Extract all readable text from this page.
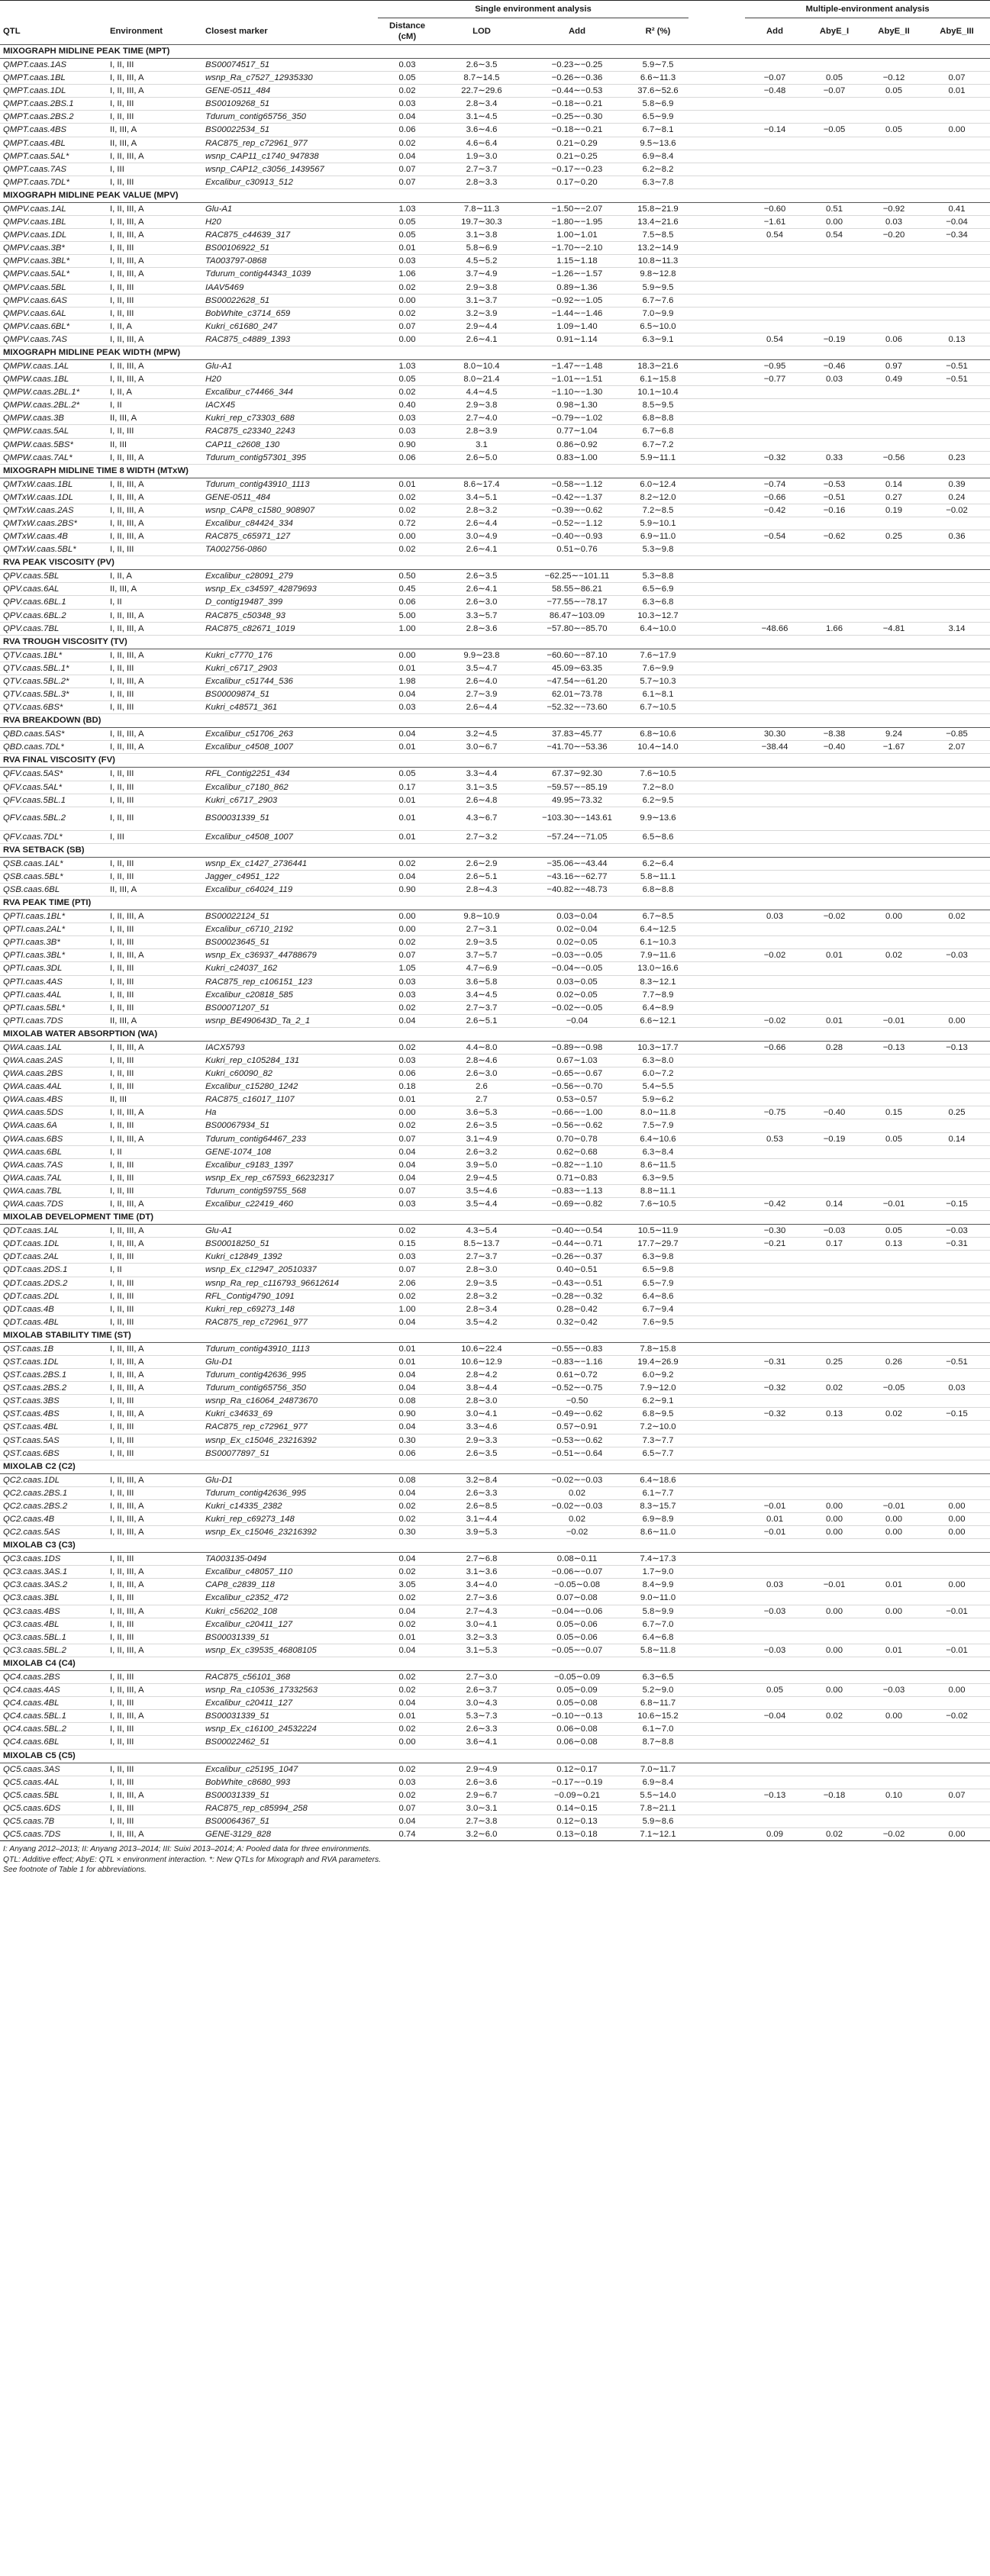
			Single environment analysis					Multiple-environment analysis			
QTL	Environment	Closest marker	Distance (cM)	LOD	Add	R² (%)		Add	AbyE_I	AbyE_II	AbyE_III
MIXOGRAPH MIDLINE PEAK TIME (MPT)											
QMPT.caas.1AS	I, II, III	BS00074517_51	0.03	2.6∼3.5	−0.23∼−0.25	5.9∼7.5					
QMPT.caas.1BL	I, II, III, A	wsnp_Ra_c7527_12935330	0.05	8.7∼14.5	−0.26∼−0.36	6.6∼11.3		−0.07	0.05	−0.12	0.07
QMPT.caas.1DL	I, II, III, A	GENE-0511_484	0.02	22.7∼29.6	−0.44∼−0.53	37.6∼52.6		−0.48	−0.07	0.05	0.01
QMPT.caas.2BS.1	I, II, III	BS00109268_51	0.03	2.8∼3.4	−0.18∼−0.21	5.8∼6.9					
QMPT.caas.2BS.2	I, II, III	Tdurum_contig65756_350	0.04	3.1∼4.5	−0.25∼−0.30	6.5∼9.9					
QMPT.caas.4BS	II, III, A	BS00022534_51	0.06	3.6∼4.6	−0.18∼−0.21	6.7∼8.1		−0.14	−0.05	0.05	0.00
QMPT.caas.4BL	II, III, A	RAC875_rep_c72961_977	0.02	4.6∼6.4	0.21∼0.29	9.5∼13.6					
QMPT.caas.5AL*	I, II, III, A	wsnp_CAP11_c1740_947838	0.04	1.9∼3.0	0.21∼0.25	6.9∼8.4					
QMPT.caas.7AS	I, III	wsnp_CAP12_c3056_1439567	0.07	2.7∼3.7	−0.17∼−0.23	6.2∼8.2					
QMPT.caas.7DL*	I, II, III	Excalibur_c30913_512	0.07	2.8∼3.3	0.17∼0.20	6.3∼7.8					
MIXOGRAPH MIDLINE PEAK VALUE (MPV)											
QMPV.caas.1AL	I, II, III, A	Glu-A1	1.03	7.8∼11.3	−1.50∼−2.07	15.8∼21.9		−0.60	0.51	−0.92	0.41
QMPV.caas.1BL	I, II, III, A	H20	0.05	19.7∼30.3	−1.80∼−1.95	13.4∼21.6		−1.61	0.00	0.03	−0.04
QMPV.caas.1DL	I, II, III, A	RAC875_c44639_317	0.05	3.1∼3.8	1.00∼1.01	7.5∼8.5		0.54	0.54	−0.20	−0.34
QMPV.caas.3B*	I, II, III	BS00106922_51	0.01	5.8∼6.9	−1.70∼−2.10	13.2∼14.9					
QMPV.caas.3BL*	I, II, III, A	TA003797-0868	0.03	4.5∼5.2	1.15∼1.18	10.8∼11.3					
QMPV.caas.5AL*	I, II, III, A	Tdurum_contig44343_1039	1.06	3.7∼4.9	−1.26∼−1.57	9.8∼12.8					
QMPV.caas.5BL	I, II, III	IAAV5469	0.02	2.9∼3.8	0.89∼1.36	5.9∼9.5					
QMPV.caas.6AS	I, II, III	BS00022628_51	0.00	3.1∼3.7	−0.92∼−1.05	6.7∼7.6					
QMPV.caas.6AL	I, II, III	BobWhite_c3714_659	0.02	3.2∼3.9	−1.44∼−1.46	7.0∼9.9					
QMPV.caas.6BL*	I, II, A	Kukri_c61680_247	0.07	2.9∼4.4	1.09∼1.40	6.5∼10.0					
QMPV.caas.7AS	I, II, III, A	RAC875_c4889_1393	0.00	2.6∼4.1	0.91∼1.14	6.3∼9.1		0.54	−0.19	0.06	0.13
MIXOGRAPH MIDLINE PEAK WIDTH (MPW)											
QMPW.caas.1AL	I, II, III, A	Glu-A1	1.03	8.0∼10.4	−1.47∼−1.48	18.3∼21.6		−0.95	−0.46	0.97	−0.51
QMPW.caas.1BL	I, II, III, A	H20	0.05	8.0∼21.4	−1.01∼−1.51	6.1∼15.8		−0.77	0.03	0.49	−0.51
QMPW.caas.2BL.1*	I, II, A	Excalibur_c74466_344	0.02	4.4∼4.5	−1.10∼−1.30	10.1∼10.4					
QMPW.caas.2BL.2*	I, II	IACX45	0.40	2.9∼3.8	0.98∼1.30	8.5∼9.5					
QMPW.caas.3B	II, III, A	Kukri_rep_c73303_688	0.03	2.7∼4.0	−0.79∼−1.02	6.8∼8.8					
QMPW.caas.5AL	I, II, III	RAC875_c23340_2243	0.03	2.8∼3.9	0.77∼1.04	6.7∼6.8					
QMPW.caas.5BS*	II, III	CAP11_c2608_130	0.90	3.1	0.86∼0.92	6.7∼7.2					
QMPW.caas.7AL*	I, II, III, A	Tdurum_contig57301_395	0.06	2.6∼5.0	0.83∼1.00	5.9∼11.1		−0.32	0.33	−0.56	0.23
MIXOGRAPH MIDLINE TIME 8 WIDTH (MTxW)											
QMTxW.caas.1BL	I, II, III, A	Tdurum_contig43910_1113	0.01	8.6∼17.4	−0.58∼−1.12	6.0∼12.4		−0.74	−0.53	0.14	0.39
QMTxW.caas.1DL	I, II, III, A	GENE-0511_484	0.02	3.4∼5.1	−0.42∼−1.37	8.2∼12.0		−0.66	−0.51	0.27	0.24
QMTxW.caas.2AS	I, II, III, A	wsnp_CAP8_c1580_908907	0.02	2.8∼3.2	−0.39∼−0.62	7.2∼8.5		−0.42	−0.16	0.19	−0.02
QMTxW.caas.2BS*	I, II, III, A	Excalibur_c84424_334	0.72	2.6∼4.4	−0.52∼−1.12	5.9∼10.1					
QMTxW.caas.4B	I, II, III, A	RAC875_c65971_127	0.00	3.0∼4.9	−0.40∼−0.93	6.9∼11.0		−0.54	−0.62	0.25	0.36
QMTxW.caas.5BL*	I, II, III	TA002756-0860	0.02	2.6∼4.1	0.51∼0.76	5.3∼9.8					
RVA PEAK VISCOSITY (PV)											
QPV.caas.5BL	I, II, A	Excalibur_c28091_279	0.50	2.6∼3.5	−62.25∼−101.11	5.3∼8.8					
QPV.caas.6AL	II, III, A	wsnp_Ex_c34597_42879693	0.45	2.6∼4.1	58.55∼86.21	6.5∼6.9					
QPV.caas.6BL.1	I, II	D_contig19487_399	0.06	2.6∼3.0	−77.55∼−78.17	6.3∼6.8					
QPV.caas.6BL.2	I, II, III, A	RAC875_c50348_93	5.00	3.3∼5.7	86.47∼103.09	10.3∼12.7					
QPV.caas.7BL	I, II, III, A	RAC875_c82671_1019	1.00	2.8∼3.6	−57.80∼−85.70	6.4∼10.0		−48.66	1.66	−4.81	3.14
RVA TROUGH VISCOSITY (TV)											
QTV.caas.1BL*	I, II, III, A	Kukri_c7770_176	0.00	9.9∼23.8	−60.60∼−87.10	7.6∼17.9					
QTV.caas.5BL.1*	I, II, III	Kukri_c6717_2903	0.01	3.5∼4.7	45.09∼63.35	7.6∼9.9					
QTV.caas.5BL.2*	I, II, III, A	Excalibur_c51744_536	1.98	2.6∼4.0	−47.54∼−61.20	5.7∼10.3					
QTV.caas.5BL.3*	I, II, III	BS00009874_51	0.04	2.7∼3.9	62.01∼73.78	6.1∼8.1					
QTV.caas.6BS*	I, II, III	Kukri_c48571_361	0.03	2.6∼4.4	−52.32∼−73.60	6.7∼10.5					
RVA BREAKDOWN (BD)											
QBD.caas.5AS*	I, II, III, A	Excalibur_c51706_263	0.04	3.2∼4.5	37.83∼45.77	6.8∼10.6		30.30	−8.38	9.24	−0.85
QBD.caas.7DL*	I, II, III, A	Excalibur_c4508_1007	0.01	3.0∼6.7	−41.70∼−53.36	10.4∼14.0		−38.44	−0.40	−1.67	2.07
RVA FINAL VISCOSITY (FV)											
QFV.caas.5AS*	I, II, III	RFL_Contig2251_434	0.05	3.3∼4.4	67.37∼92.30	7.6∼10.5					
QFV.caas.5AL*	I, II, III	Excalibur_c7180_862	0.17	3.1∼3.5	−59.57∼−85.19	7.2∼8.0					
QFV.caas.5BL.1	I, II, III	Kukri_c6717_2903	0.01	2.6∼4.8	49.95∼73.32	6.2∼9.5					
QFV.caas.5BL.2	I, II, III	BS00031339_51	0.01	4.3∼6.7	−103.30∼−143.61	9.9∼13.6					
QFV.caas.7DL*	I, III	Excalibur_c4508_1007	0.01	2.7∼3.2	−57.24∼−71.05	6.5∼8.6					
RVA SETBACK (SB)											
QSB.caas.1AL*	I, II, III	wsnp_Ex_c1427_2736441	0.02	2.6∼2.9	−35.06∼−43.44	6.2∼6.4					
QSB.caas.5BL*	I, II, III	Jagger_c4951_122	0.04	2.6∼5.1	−43.16∼−62.77	5.8∼11.1					
QSB.caas.6BL	II, III, A	Excalibur_c64024_119	0.90	2.8∼4.3	−40.82∼−48.73	6.8∼8.8					
RVA PEAK TIME (PTI)											
QPTI.caas.1BL*	I, II, III, A	BS00022124_51	0.00	9.8∼10.9	0.03∼0.04	6.7∼8.5		0.03	−0.02	0.00	0.02
QPTI.caas.2AL*	I, II, III	Excalibur_c6710_2192	0.00	2.7∼3.1	0.02∼0.04	6.4∼12.5					
QPTI.caas.3B*	I, II, III	BS00023645_51	0.02	2.9∼3.5	0.02∼0.05	6.1∼10.3					
QPTI.caas.3BL*	I, II, III, A	wsnp_Ex_c36937_44788679	0.07	3.7∼5.7	−0.03∼−0.05	7.9∼11.6		−0.02	0.01	0.02	−0.03
QPTI.caas.3DL	I, II, III	Kukri_c24037_162	1.05	4.7∼6.9	−0.04∼−0.05	13.0∼16.6					
QPTI.caas.4AS	I, II, III	RAC875_rep_c106151_123	0.03	3.6∼5.8	0.03∼0.05	8.3∼12.1					
QPTI.caas.4AL	I, II, III	Excalibur_c20818_585	0.03	3.4∼4.5	0.02∼0.05	7.7∼8.9					
QPTI.caas.5BL*	I, II, III	BS00071207_51	0.02	2.7∼3.7	−0.02∼−0.05	6.4∼8.9					
QPTI.caas.7DS	II, III, A	wsnp_BE490643D_Ta_2_1	0.04	2.6∼5.1	−0.04	6.6∼12.1		−0.02	0.01	−0.01	0.00
MIXOLAB WATER ABSORPTION (WA)											
QWA.caas.1AL	I, II, III, A	IACX5793	0.02	4.4∼8.0	−0.89∼−0.98	10.3∼17.7		−0.66	0.28	−0.13	−0.13
QWA.caas.2AS	I, II, III	Kukri_rep_c105284_131	0.03	2.8∼4.6	0.67∼1.03	6.3∼8.0					
QWA.caas.2BS	I, II, III	Kukri_c60090_82	0.06	2.6∼3.0	−0.65∼−0.67	6.0∼7.2					
QWA.caas.4AL	I, II, III	Excalibur_c15280_1242	0.18	2.6	−0.56∼−0.70	5.4∼5.5					
QWA.caas.4BS	II, III	RAC875_c16017_1107	0.01	2.7	0.53∼0.57	5.9∼6.2					
QWA.caas.5DS	I, II, III, A	Ha	0.00	3.6∼5.3	−0.66∼−1.00	8.0∼11.8		−0.75	−0.40	0.15	0.25
QWA.caas.6A	I, II, III	BS00067934_51	0.02	2.6∼3.5	−0.56∼−0.62	7.5∼7.9					
QWA.caas.6BS	I, II, III, A	Tdurum_contig64467_233	0.07	3.1∼4.9	0.70∼0.78	6.4∼10.6		0.53	−0.19	0.05	0.14
QWA.caas.6BL	I, II	GENE-1074_108	0.04	2.6∼3.2	0.62∼0.68	6.3∼8.4					
QWA.caas.7AS	I, II, III	Excalibur_c9183_1397	0.04	3.9∼5.0	−0.82∼−1.10	8.6∼11.5					
QWA.caas.7AL	I, II, III	wsnp_Ex_rep_c67593_66232317	0.04	2.9∼4.5	0.71∼0.83	6.3∼9.5					
QWA.caas.7BL	I, II, III	Tdurum_contig59755_568	0.07	3.5∼4.6	−0.83∼−1.13	8.8∼11.1					
QWA.caas.7DS	I, II, III, A	Excalibur_c22419_460	0.03	3.5∼4.4	−0.69∼−0.82	7.6∼10.5		−0.42	0.14	−0.01	−0.15
MIXOLAB DEVELOPMENT TIME (DT)											
QDT.caas.1AL	I, II, III, A	Glu-A1	0.02	4.3∼5.4	−0.40∼−0.54	10.5∼11.9		−0.30	−0.03	0.05	−0.03
QDT.caas.1DL	I, II, III, A	BS00018250_51	0.15	8.5∼13.7	−0.44∼−0.71	17.7∼29.7		−0.21	0.17	0.13	−0.31
QDT.caas.2AL	I, II, III	Kukri_c12849_1392	0.03	2.7∼3.7	−0.26∼−0.37	6.3∼9.8					
QDT.caas.2DS.1	I, II	wsnp_Ex_c12947_20510337	0.07	2.8∼3.0	0.40∼0.51	6.5∼9.8					
QDT.caas.2DS.2	I, II, III	wsnp_Ra_rep_c116793_96612614	2.06	2.9∼3.5	−0.43∼−0.51	6.5∼7.9					
QDT.caas.2DL	I, II, III	RFL_Contig4790_1091	0.02	2.8∼3.2	−0.28∼−0.32	6.4∼8.6					
QDT.caas.4B	I, II, III	Kukri_rep_c69273_148	1.00	2.8∼3.4	0.28∼0.42	6.7∼9.4					
QDT.caas.4BL	I, II, III	RAC875_rep_c72961_977	0.04	3.5∼4.2	0.32∼0.42	7.6∼9.5					
MIXOLAB STABILITY TIME (ST)											
QST.caas.1B	I, II, III, A	Tdurum_contig43910_1113	0.01	10.6∼22.4	−0.55∼−0.83	7.8∼15.8					
QST.caas.1DL	I, II, III, A	Glu-D1	0.01	10.6∼12.9	−0.83∼−1.16	19.4∼26.9		−0.31	0.25	0.26	−0.51
QST.caas.2BS.1	I, II, III, A	Tdurum_contig42636_995	0.04	2.8∼4.2	0.61∼0.72	6.0∼9.2					
QST.caas.2BS.2	I, II, III, A	Tdurum_contig65756_350	0.04	3.8∼4.4	−0.52∼−0.75	7.9∼12.0		−0.32	0.02	−0.05	0.03
QST.caas.3BS	I, II, III	wsnp_Ra_c16064_24873670	0.08	2.8∼3.0	−0.50	6.2∼9.1					
QST.caas.4BS	I, II, III, A	Kukri_c34633_69	0.90	3.0∼4.1	−0.49∼−0.62	6.8∼9.5		−0.32	0.13	0.02	−0.15
QST.caas.4BL	I, II, III	RAC875_rep_c72961_977	0.04	3.3∼4.6	0.57∼0.91	7.2∼10.0					
QST.caas.5AS	I, II, III	wsnp_Ex_c15046_23216392	0.30	2.9∼3.3	−0.53∼−0.62	7.3∼7.7					
QST.caas.6BS	I, II, III	BS00077897_51	0.06	2.6∼3.5	−0.51∼−0.64	6.5∼7.7					
MIXOLAB C2 (C2)											
QC2.caas.1DL	I, II, III, A	Glu-D1	0.08	3.2∼8.4	−0.02∼−0.03	6.4∼18.6					
QC2.caas.2BS.1	I, II, III	Tdurum_contig42636_995	0.04	2.6∼3.3	0.02	6.1∼7.7					
QC2.caas.2BS.2	I, II, III, A	Kukri_c14335_2382	0.02	2.6∼8.5	−0.02∼−0.03	8.3∼15.7		−0.01	0.00	−0.01	0.00
QC2.caas.4B	I, II, III, A	Kukri_rep_c69273_148	0.02	3.1∼4.4	0.02	6.9∼8.9		0.01	0.00	0.00	0.00
QC2.caas.5AS	I, II, III, A	wsnp_Ex_c15046_23216392	0.30	3.9∼5.3	−0.02	8.6∼11.0		−0.01	0.00	0.00	0.00
MIXOLAB C3 (C3)											
QC3.caas.1DS	I, II, III	TA003135-0494	0.04	2.7∼6.8	0.08∼0.11	7.4∼17.3					
QC3.caas.3AS.1	I, II, III, A	Excalibur_c48057_110	0.02	3.1∼3.6	−0.06∼−0.07	1.7∼9.0					
QC3.caas.3AS.2	I, II, III, A	CAP8_c2839_118	3.05	3.4∼4.0	−0.05∼0.08	8.4∼9.9		0.03	−0.01	0.01	0.00
QC3.caas.3BL	I, II, III	Excalibur_c2352_472	0.02	2.7∼3.6	0.07∼0.08	9.0∼11.0					
QC3.caas.4BS	I, II, III, A	Kukri_c56202_108	0.04	2.7∼4.3	−0.04∼−0.06	5.8∼9.9		−0.03	0.00	0.00	−0.01
QC3.caas.4BL	I, II, III	Excalibur_c20411_127	0.02	3.0∼4.1	0.05∼0.06	6.7∼7.0					
QC3.caas.5BL.1	I, II, III	BS00031339_51	0.01	3.2∼3.3	0.05∼0.06	6.4∼6.8					
QC3.caas.5BL.2	I, II, III, A	wsnp_Ex_c39535_46808105	0.04	3.1∼5.3	−0.05∼−0.07	5.8∼11.8		−0.03	0.00	0.01	−0.01
MIXOLAB C4 (C4)											
QC4.caas.2BS	I, II, III	RAC875_c56101_368	0.02	2.7∼3.0	−0.05∼0.09	6.3∼6.5					
QC4.caas.4AS	I, II, III, A	wsnp_Ra_c10536_17332563	0.02	2.6∼3.7	0.05∼0.09	5.2∼9.0		0.05	0.00	−0.03	0.00
QC4.caas.4BL	I, II, III	Excalibur_c20411_127	0.04	3.0∼4.3	0.05∼0.08	6.8∼11.7					
QC4.caas.5BL.1	I, II, III, A	BS00031339_51	0.01	5.3∼7.3	−0.10∼−0.13	10.6∼15.2		−0.04	0.02	0.00	−0.02
QC4.caas.5BL.2	I, II, III	wsnp_Ex_c16100_24532224	0.02	2.6∼3.3	0.06∼0.08	6.1∼7.0					
QC4.caas.6BL	I, II, III	BS00022462_51	0.00	3.6∼4.1	0.06∼0.08	8.7∼8.8					
MIXOLAB C5 (C5)											
QC5.caas.3AS	I, II, III	Excalibur_c25195_1047	0.02	2.9∼4.9	0.12∼0.17	7.0∼11.7					
QC5.caas.4AL	I, II, III	BobWhite_c8680_993	0.03	2.6∼3.6	−0.17∼−0.19	6.9∼8.4					
QC5.caas.5BL	I, II, III, A	BS00031339_51	0.02	2.9∼6.7	−0.09∼0.21	5.5∼14.0		−0.13	−0.18	0.10	0.07
QC5.caas.6DS	I, II, III	RAC875_rep_c85994_258	0.07	3.0∼3.1	0.14∼0.15	7.8∼21.1					
QC5.caas.7B	I, II, III	BS00064367_51	0.04	2.7∼3.8	0.12∼0.13	5.9∼8.6					
QC5.caas.7DS	I, II, III, A	GENE-3129_828	0.74	3.2∼6.0	0.13∼0.18	7.1∼12.1		0.09	0.02	−0.02	0.00
I: Anyang 2012–2013; II: Anyang 2013–2014; III: Suixi 2013–2014; A: Pooled data for three environments.
QTL: Additive effect; AbyE: QTL × environment interaction. *: New QTLs for Mixograph and RVA parameters.
See footnote of Table 1 for abbreviations.
